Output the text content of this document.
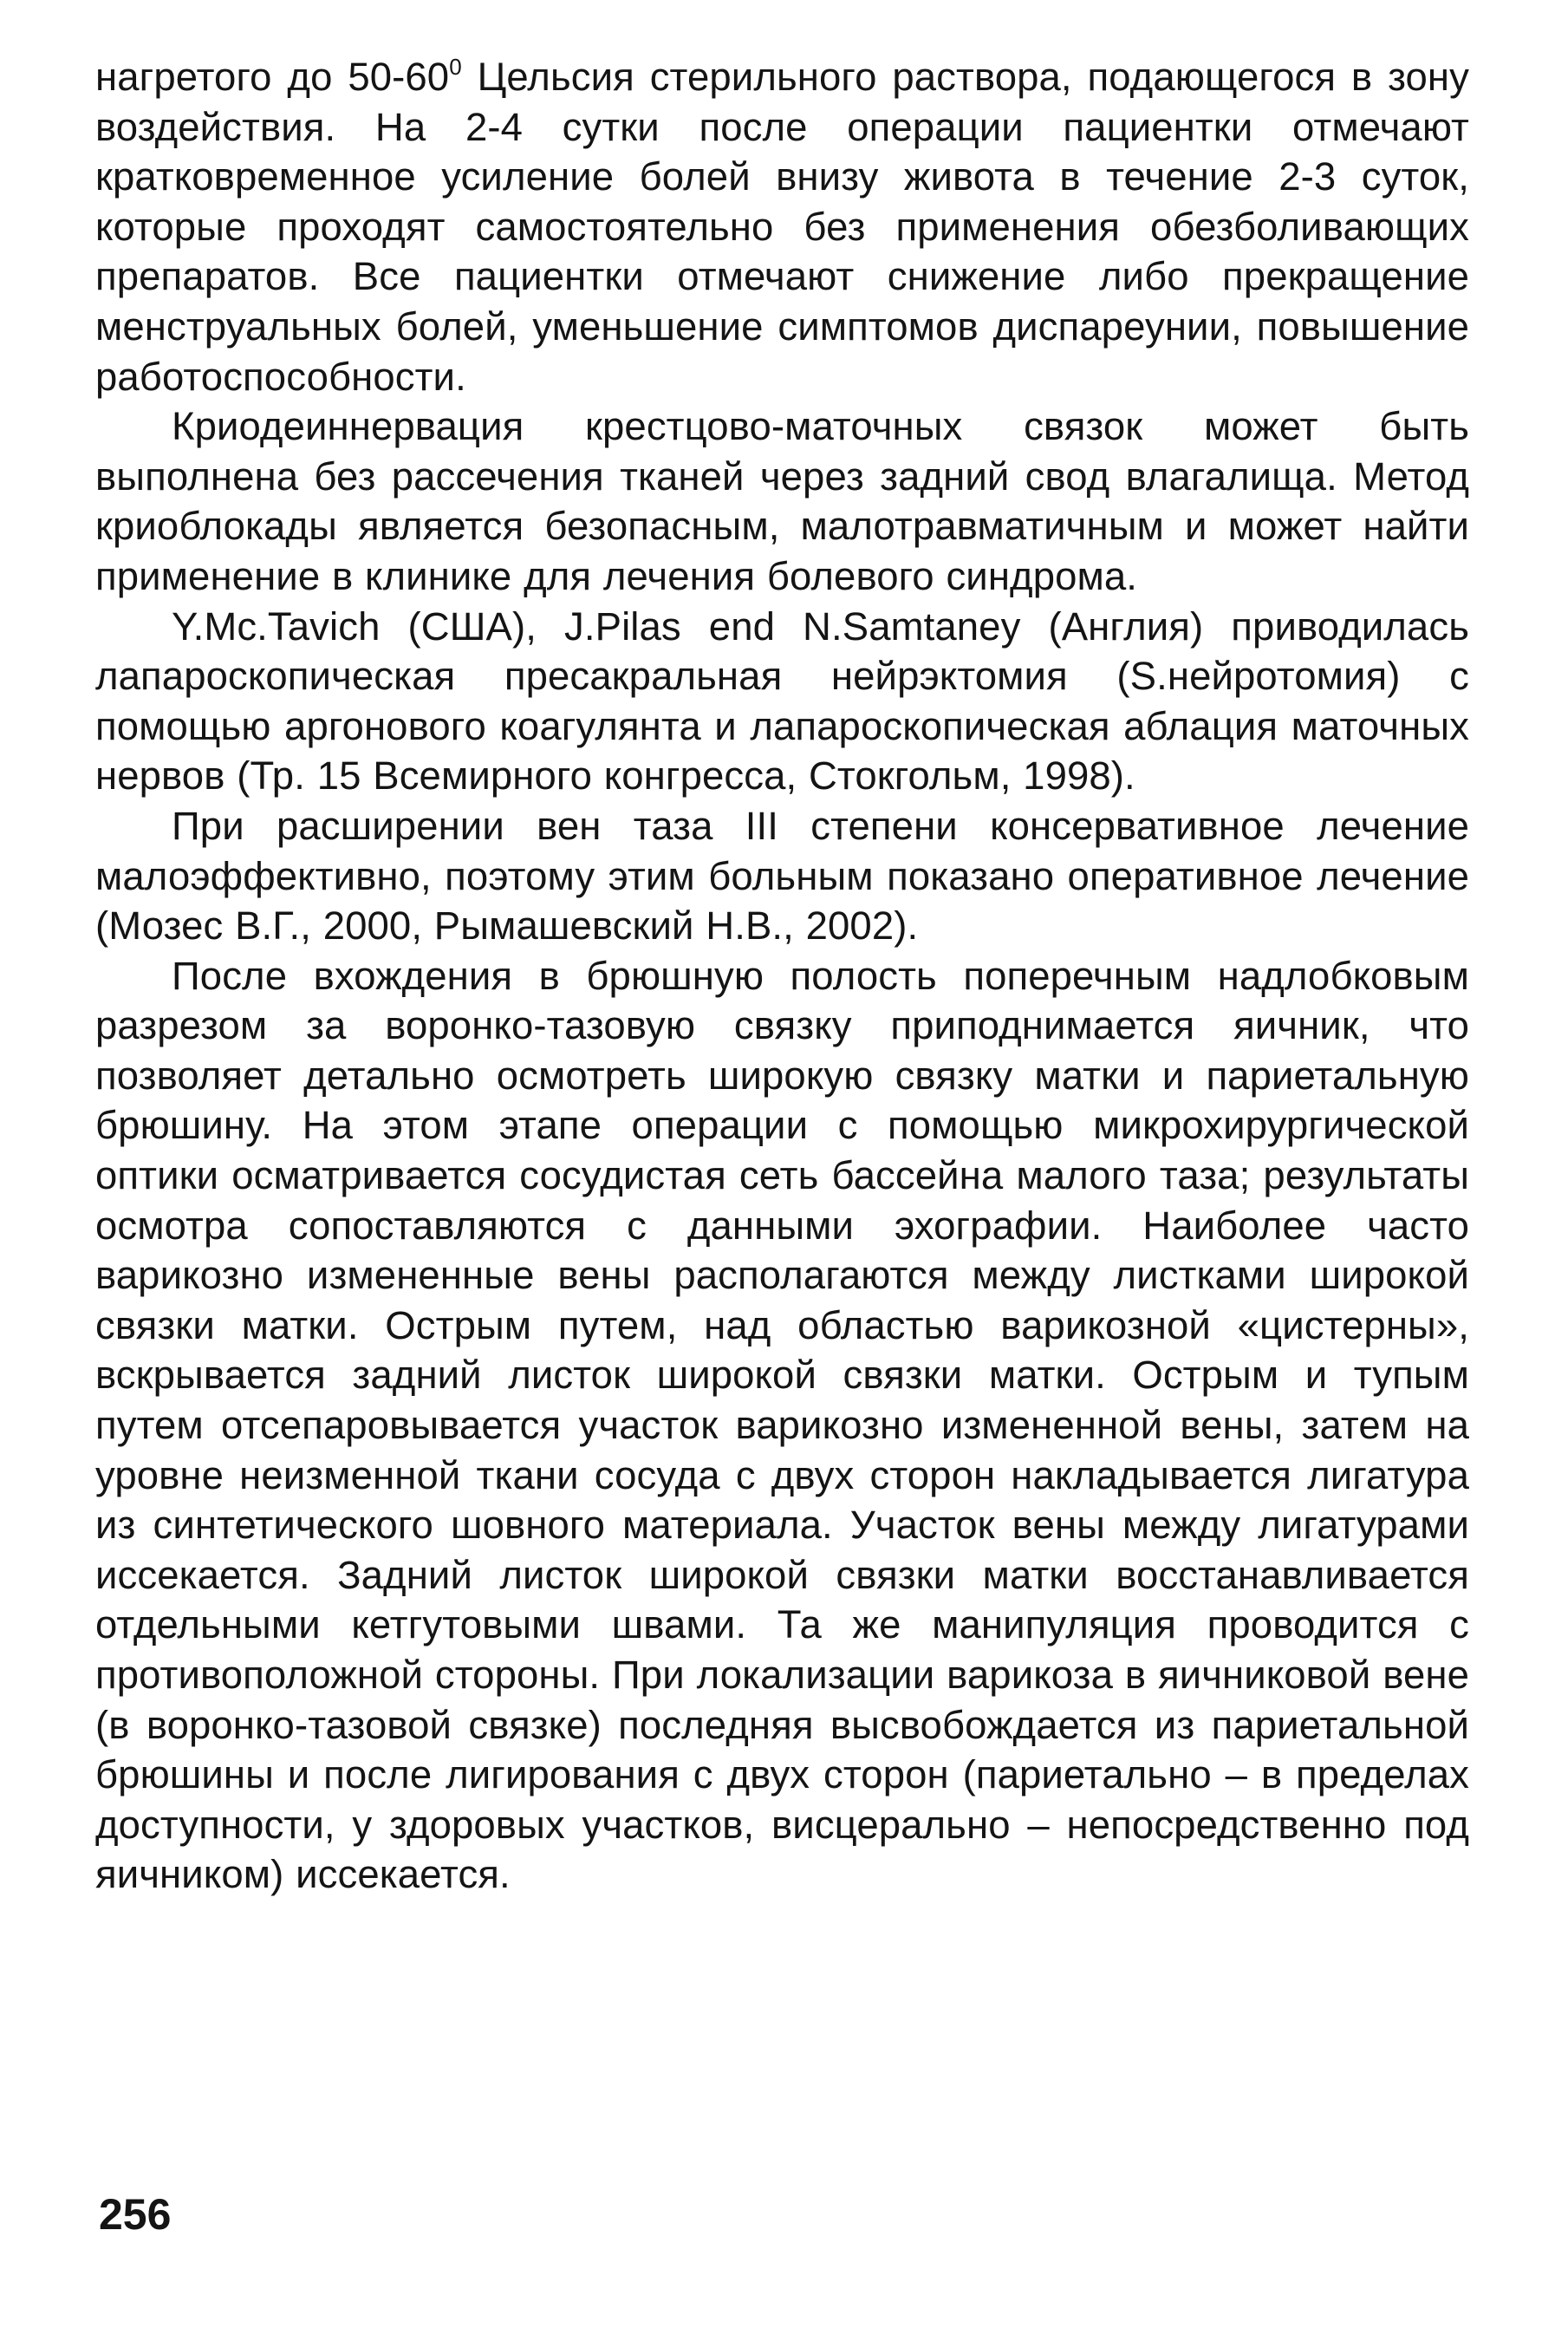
нагретого до $50-60^0$ Цельсия стерильного раствора, подающегося в зону воздействия. На 2-4 сутки после операции пациентки отмечают кратковременное усиление болей внизу живота в течение 2-3 суток, которые проходят самостоятельно без применения обезболивающих препаратов. Все пациентки отмечают снижение либо прекращение менструальных болей, уменьшение симптомов диспареунии, повышение работоспособности.

Криодеиннервация крестцово-маточных связок может быть выполнена без рассечения тканей через задний свод влагалища. Метод криоблокады является безопасным, малотравматичным и может найти применение в клинике для лечения болевого синдрома.

Y.Mc.Tavich (США), J.Pilas end N.Samtaney (Англия) приводилась лапароскопическая пресакральная нейрэктомия (S.нейротомия) с помощью аргонового коагулянта и лапароскопическая аблация маточных нервов (Тр. 15 Всемирного конгресса, Стокгольм, 1998).

При расширении вен таза III степени консервативное лечение малоэффективно, поэтому этим больным показано оперативное лечение (Мозес В.Г., 2000, Рымашевский Н.В., 2002).

После вхождения в брюшную полость поперечным надлобковым разрезом за воронко-тазовую связку приподнимается яичник, что позволяет детально осмотреть широкую связку матки и париетальную брюшину. На этом этапе операции с помощью микрохирургической оптики осматривается сосудистая сеть бассейна малого таза; результаты осмотра сопоставляются с данными эхографии. Наиболее часто варикозно измененные вены располагаются между листками широкой связки матки. Острым путем, над областью варикозной «цистерны», вскрывается задний листок широкой связки матки. Острым и тупым путем отсепаровывается участок варикозно измененной вены, затем на уровне неизменной ткани сосуда с двух сторон накладывается лигатура из синтетического шовного материала. Участок вены между лигатурами иссекается. Задний листок широкой связки матки восстанавливается отдельными кетгутовыми швами. Та же манипуляция проводится с противоположной стороны. При локализации варикоза в яичниковой вене (в воронко-тазовой связке) последняя высвобождается из париетальной брюшины и после лигирования с двух сторон (париетально – в пределах доступности, у здоровых участков, висцерально – непосредственно под яичником) иссекается.

256
